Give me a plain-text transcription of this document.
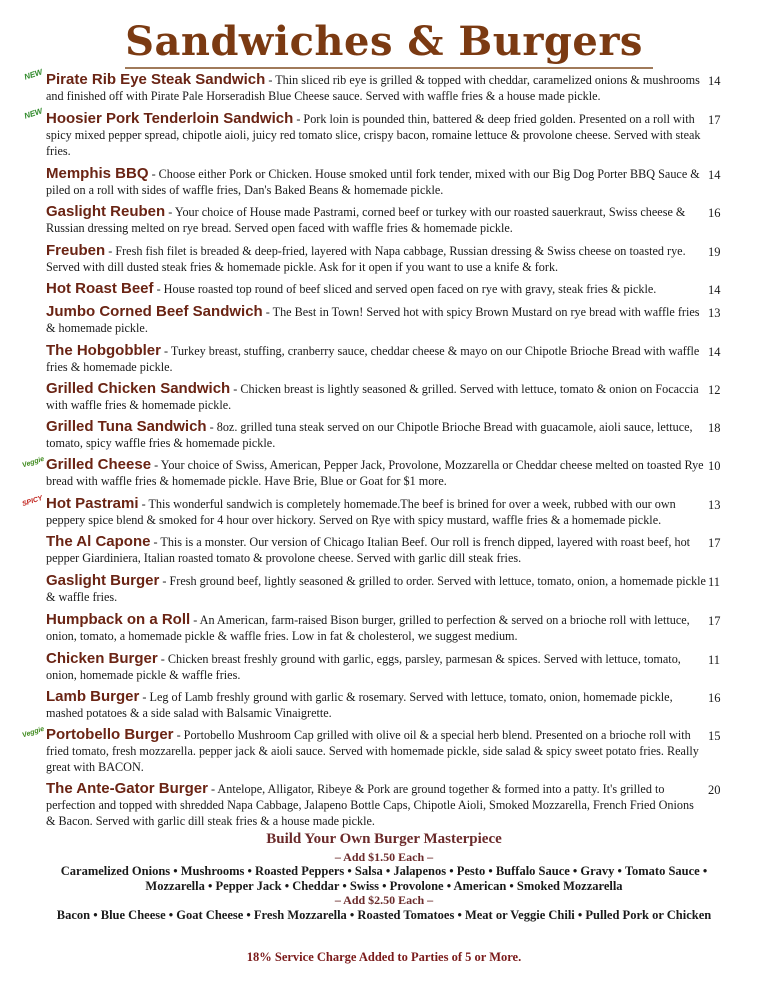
Sandwiches & Burgers
Pirate Rib Eye Steak Sandwich - Thin sliced rib eye is grilled & topped with cheddar, caramelized onions & mushrooms and finished off with Pirate Pale Horseradish Blue Cheese sauce. Served with waffle fries & a house made pickle.
14
NEW
Hoosier Pork Tenderloin Sandwich - Pork loin is pounded thin, battered & deep fried golden. Presented on a roll with spicy mixed pepper spread, chipotle aioli, juicy red tomato slice, crispy bacon, romaine lettuce & provolone cheese. Served with steak fries.
17
NEW
Memphis BBQ - Choose either Pork or Chicken. House smoked until fork tender, mixed with our Big Dog Porter BBQ Sauce & piled on a roll with sides of waffle fries, Dan's Baked Beans & homemade pickle.
14
Gaslight Reuben - Your choice of House made Pastrami, corned beef or turkey with our roasted sauerkraut, Swiss cheese & Russian dressing melted on rye bread. Served open faced with waffle fries & homemade pickle.
16
Freuben - Fresh fish filet is breaded & deep-fried, layered with Napa cabbage, Russian dressing & Swiss cheese on toasted rye. Served with dill dusted steak fries & homemade pickle. Ask for it open if you want to use a knife & fork.
19
Hot Roast Beef - House roasted top round of beef sliced and served open faced on rye with gravy, steak fries & pickle.	14
Jumbo Corned Beef Sandwich - The Best in Town! Served hot with spicy Brown Mustard on rye bread with waffle fries & homemade pickle.
13
The Hobgobbler - Turkey breast, stuffing, cranberry sauce, cheddar cheese & mayo on our Chipotle Brioche Bread with waffle fries & homemade pickle.
14
Grilled Chicken Sandwich - Chicken breast is lightly seasoned & grilled. Served with lettuce, tomato & onion on Focaccia with waffle fries & homemade pickle.
12
Grilled Tuna Sandwich - 8oz. grilled tuna steak served on our Chipotle Brioche Bread with guacamole, aioli sauce, lettuce, tomato, spicy waffle fries & homemade pickle.
18
Grilled Cheese - Your choice of Swiss, American, Pepper Jack, Provolone, Mozzarella or Cheddar cheese melted on toasted Rye bread with waffle fries & homemade pickle. Have Brie, Blue or Goat for $1 more.
10
Veggie
Hot Pastrami - This wonderful sandwich is completely homemade.The beef is brined for over a week, rubbed with our own peppery spice blend & smoked for 4 hour over hickory. Served on Rye with spicy mustard, waffle fries & a homemade pickle.
13
SPICY
The Al Capone - This is a monster. Our version of Chicago Italian Beef. Our roll is french dipped, layered with roast beef, hot pepper Giardiniera, Italian roasted tomato & provolone cheese. Served with garlic dill steak fries.
17
Gaslight Burger - Fresh ground beef, lightly seasoned & grilled to order. Served with lettuce, tomato, onion, a homemade pickle & waffle fries.
11
Humpback on a Roll - An American, farm-raised Bison burger, grilled to perfection & served on a brioche roll with lettuce, onion, tomato, a homemade pickle & waffle fries. Low in fat & cholesterol, we suggest medium.
17
Chicken Burger - Chicken breast freshly ground with garlic, eggs, parsley, parmesan & spices. Served with lettuce, tomato, onion, homemade pickle & waffle fries.
11
Lamb Burger - Leg of Lamb freshly ground with garlic & rosemary. Served with lettuce, tomato, onion, homemade pickle, mashed potatoes & a side salad with Balsamic Vinaigrette.
16
Portobello Burger - Portobello Mushroom Cap grilled with olive oil & a special herb blend. Presented on a brioche roll with fried tomato, fresh mozzarella. pepper jack & aioli sauce. Served with homemade pickle, side salad & spicy sweet potato fries. Really great with BACON.
15
Veggie
The Ante-Gator Burger - Antelope, Alligator, Ribeye & Pork are ground together & formed into a patty. It's grilled to perfection and topped with shredded Napa Cabbage, Jalapeno Bottle Caps, Chipotle Aioli, Smoked Mozzarella, French Fried Onions & Bacon. Served with garlic dill steak fries & a house made pickle.
20
Build Your Own Burger Masterpiece
– Add $1.50 Each –
Caramelized Onions • Mushrooms • Roasted Peppers • Salsa • Jalapenos • Pesto • Buffalo Sauce • Gravy • Tomato Sauce •
Mozzarella • Pepper Jack • Cheddar • Swiss • Provolone • American • Smoked Mozzarella
– Add $2.50 Each –
Bacon • Blue Cheese • Goat Cheese • Fresh Mozzarella • Roasted Tomatoes • Meat or Veggie Chili • Pulled Pork or Chicken
18% Service Charge Added to Parties of 5 or More.
